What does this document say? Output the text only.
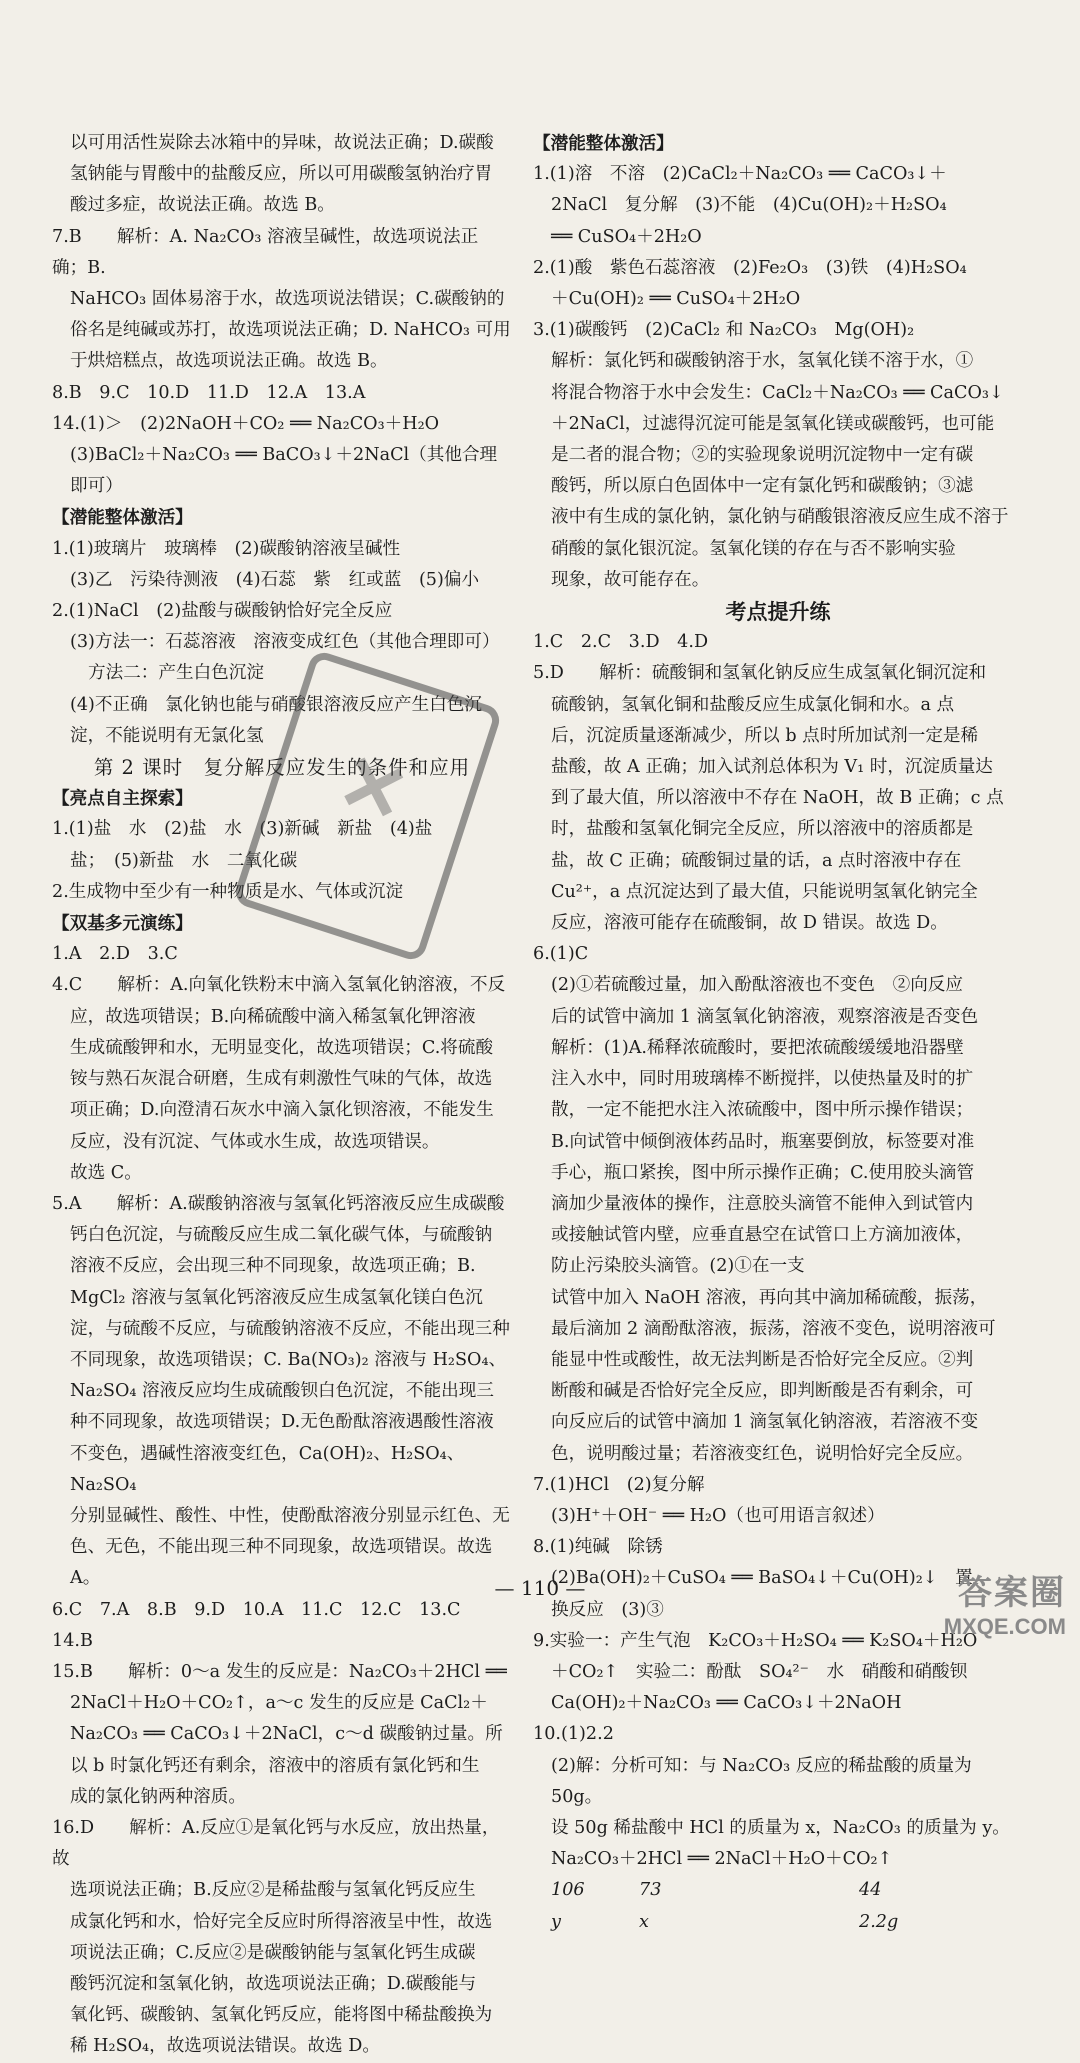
以可用活性炭除去冰箱中的异味，故说法正确；D.碳酸

氢钠能与胃酸中的盐酸反应，所以可用碳酸氢钠治疗胃

酸过多症，故说法正确。故选 B。

7.B　　解析：A. Na₂CO₃ 溶液呈碱性，故选项说法正确；B.

NaHCO₃ 固体易溶于水，故选项说法错误；C.碳酸钠的

俗名是纯碱或苏打，故选项说法正确；D. NaHCO₃ 可用

于烘焙糕点，故选项说法正确。故选 B。

8.B　9.C　10.D　11.D　12.A　13.A

14.(1)＞　(2)2NaOH＋CO₂ ══ Na₂CO₃＋H₂O

(3)BaCl₂＋Na₂CO₃ ══ BaCO₃↓＋2NaCl（其他合理

即可）

【潜能整体激活】

1.(1)玻璃片　玻璃棒　(2)碳酸钠溶液呈碱性

(3)乙　污染待测液　(4)石蕊　紫　红或蓝　(5)偏小

2.(1)NaCl　(2)盐酸与碳酸钠恰好完全反应

(3)方法一：石蕊溶液　溶液变成红色（其他合理即可）

方法二：产生白色沉淀

(4)不正确　氯化钠也能与硝酸银溶液反应产生白色沉

淀，不能说明有无氯化氢

第 2 课时　复分解反应发生的条件和应用

【亮点自主探索】

1.(1)盐　水　(2)盐　水　(3)新碱　新盐　(4)盐

盐；　(5)新盐　水　二氧化碳

2.生成物中至少有一种物质是水、气体或沉淀

【双基多元演练】

1.A　2.D　3.C

4.C　　解析：A.向氧化铁粉末中滴入氢氧化钠溶液，不反

应，故选项错误；B.向稀硫酸中滴入稀氢氧化钾溶液

生成硫酸钾和水，无明显变化，故选项错误；C.将硫酸

铵与熟石灰混合研磨，生成有刺激性气味的气体，故选

项正确；D.向澄清石灰水中滴入氯化钡溶液，不能发生

反应，没有沉淀、气体或水生成，故选项错误。

故选 C。

5.A　　解析：A.碳酸钠溶液与氢氧化钙溶液反应生成碳酸

钙白色沉淀，与硫酸反应生成二氧化碳气体，与硫酸钠

溶液不反应，会出现三种不同现象，故选项正确；B.

MgCl₂ 溶液与氢氧化钙溶液反应生成氢氧化镁白色沉

淀，与硫酸不反应，与硫酸钠溶液不反应，不能出现三种

不同现象，故选项错误；C. Ba(NO₃)₂ 溶液与 H₂SO₄、

Na₂SO₄ 溶液反应均生成硫酸钡白色沉淀，不能出现三

种不同现象，故选项错误；D.无色酚酞溶液遇酸性溶液

不变色，遇碱性溶液变红色，Ca(OH)₂、H₂SO₄、Na₂SO₄

分别显碱性、酸性、中性，使酚酞溶液分别显示红色、无

色、无色，不能出现三种不同现象，故选项错误。故选 A。

6.C　7.A　8.B　9.D　10.A　11.C　12.C　13.C

14.B

15.B　　解析：0～a 发生的反应是：Na₂CO₃＋2HCl ══

2NaCl＋H₂O＋CO₂↑，a～c 发生的反应是 CaCl₂＋

Na₂CO₃ ══ CaCO₃↓＋2NaCl，c～d 碳酸钠过量。所

以 b 时氯化钙还有剩余，溶液中的溶质有氯化钙和生

成的氯化钠两种溶质。

16.D　　解析：A.反应①是氧化钙与水反应，放出热量，故

选项说法正确；B.反应②是稀盐酸与氢氧化钙反应生

成氯化钙和水，恰好完全反应时所得溶液呈中性，故选

项说法正确；C.反应②是碳酸钠能与氢氧化钙生成碳

酸钙沉淀和氢氧化钠，故选项说法正确；D.碳酸能与

氧化钙、碳酸钠、氢氧化钙反应，能将图中稀盐酸换为

稀 H₂SO₄，故选项说法错误。故选 D。

【潜能整体激活】

1.(1)溶　不溶　(2)CaCl₂＋Na₂CO₃ ══ CaCO₃↓＋

2NaCl　复分解　(3)不能　(4)Cu(OH)₂＋H₂SO₄

══ CuSO₄＋2H₂O

2.(1)酸　紫色石蕊溶液　(2)Fe₂O₃　(3)铁　(4)H₂SO₄

＋Cu(OH)₂ ══ CuSO₄＋2H₂O

3.(1)碳酸钙　(2)CaCl₂ 和 Na₂CO₃　Mg(OH)₂

解析：氯化钙和碳酸钠溶于水，氢氧化镁不溶于水，①

将混合物溶于水中会发生：CaCl₂＋Na₂CO₃ ══ CaCO₃↓

＋2NaCl，过滤得沉淀可能是氢氧化镁或碳酸钙，也可能

是二者的混合物；②的实验现象说明沉淀物中一定有碳

酸钙，所以原白色固体中一定有氯化钙和碳酸钠；③滤

液中有生成的氯化钠，氯化钠与硝酸银溶液反应生成不溶于

硝酸的氯化银沉淀。氢氧化镁的存在与否不影响实验

现象，故可能存在。

考点提升练

1.C　2.C　3.D　4.D

5.D　　解析：硫酸铜和氢氧化钠反应生成氢氧化铜沉淀和

硫酸钠，氢氧化铜和盐酸反应生成氯化铜和水。a 点

后，沉淀质量逐渐减少，所以 b 点时所加试剂一定是稀

盐酸，故 A 正确；加入试剂总体积为 V₁ 时，沉淀质量达

到了最大值，所以溶液中不存在 NaOH，故 B 正确；c 点

时，盐酸和氢氧化铜完全反应，所以溶液中的溶质都是

盐，故 C 正确；硫酸铜过量的话，a 点时溶液中存在

Cu²⁺，a 点沉淀达到了最大值，只能说明氢氧化钠完全

反应，溶液可能存在硫酸铜，故 D 错误。故选 D。

6.(1)C

(2)①若硫酸过量，加入酚酞溶液也不变色　②向反应

后的试管中滴加 1 滴氢氧化钠溶液，观察溶液是否变色

解析：(1)A.稀释浓硫酸时，要把浓硫酸缓缓地沿器壁

注入水中，同时用玻璃棒不断搅拌，以使热量及时的扩

散，一定不能把水注入浓硫酸中，图中所示操作错误；

B.向试管中倾倒液体药品时，瓶塞要倒放，标签要对准

手心，瓶口紧挨，图中所示操作正确；C.使用胶头滴管

滴加少量液体的操作，注意胶头滴管不能伸入到试管内

或接触试管内壁，应垂直悬空在试管口上方滴加液体，

防止污染胶头滴管。(2)①在一支

试管中加入 NaOH 溶液，再向其中滴加稀硫酸，振荡，

最后滴加 2 滴酚酞溶液，振荡，溶液不变色，说明溶液可

能显中性或酸性，故无法判断是否恰好完全反应。②判

断酸和碱是否恰好完全反应，即判断酸是否有剩余，可

向反应后的试管中滴加 1 滴氢氧化钠溶液，若溶液不变

色，说明酸过量；若溶液变红色，说明恰好完全反应。

7.(1)HCl　(2)复分解

(3)H⁺＋OH⁻ ══ H₂O（也可用语言叙述）

8.(1)纯碱　除锈

(2)Ba(OH)₂＋CuSO₄ ══ BaSO₄↓＋Cu(OH)₂↓　置

换反应　(3)③

9.实验一：产生气泡　K₂CO₃＋H₂SO₄ ══ K₂SO₄＋H₂O

＋CO₂↑　实验二：酚酞　SO₄²⁻　水　硝酸和硝酸钡

Ca(OH)₂＋Na₂CO₃ ══ CaCO₃↓＋2NaOH

10.(1)2.2

(2)解：分析可知：与 Na₂CO₃ 反应的稀盐酸的质量为

50g。

设 50g 稀盐酸中 HCl 的质量为 x，Na₂CO₃ 的质量为 y。

Na₂CO₃＋2HCl ══ 2NaCl＋H₂O＋CO₂↑

106	73	44
y	x	2.2g
✕
— 110 —	答案圈
MXQE.COM
